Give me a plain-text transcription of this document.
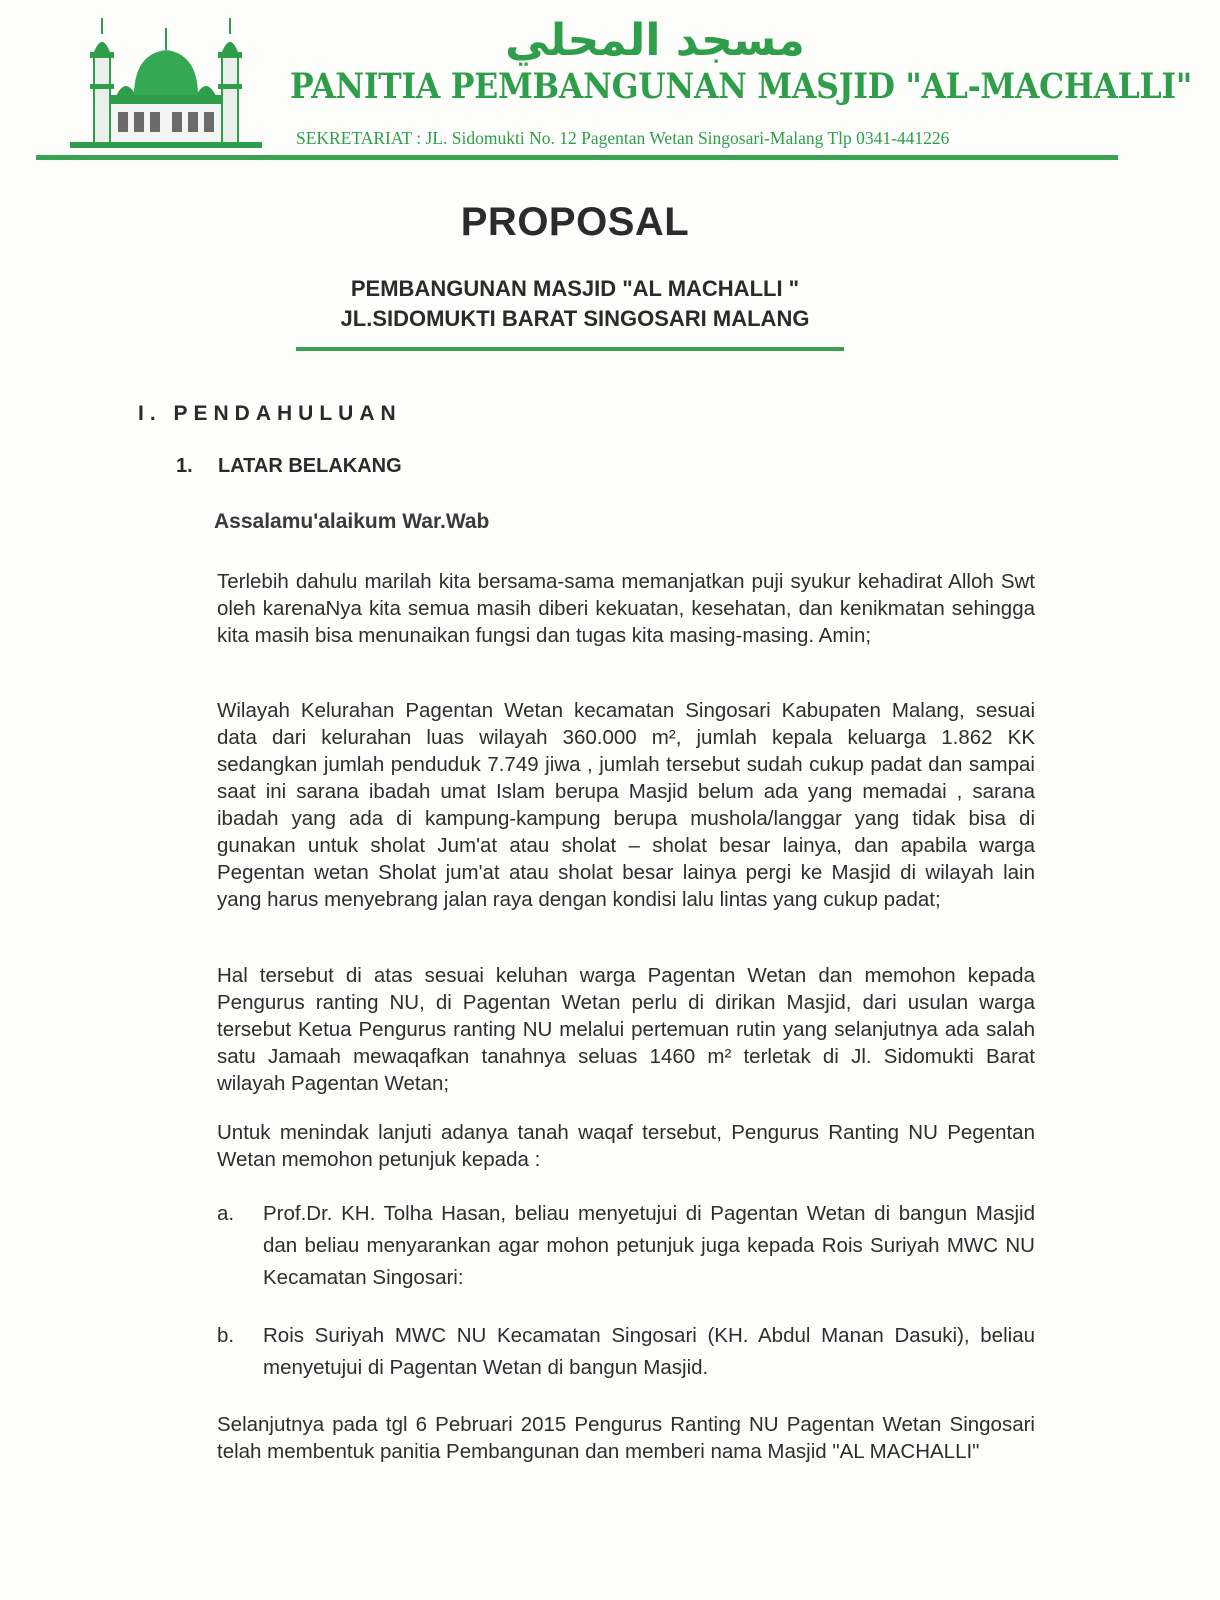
مسجد المحلي
PANITIA PEMBANGUNAN MASJID "AL-MACHALLI"
SEKRETARIAT : JL. Sidomukti No. 12 Pagentan Wetan Singosari-Malang Tlp 0341-441226
PROPOSAL
PEMBANGUNAN MASJID "AL MACHALLI "
JL.SIDOMUKTI BARAT SINGOSARI MALANG
I. PENDAHULUAN
1. LATAR BELAKANG
Assalamu'alaikum War.Wab
Terlebih dahulu marilah kita bersama-sama memanjatkan puji syukur kehadirat Alloh Swt oleh karenaNya kita semua masih diberi kekuatan, kesehatan, dan kenikmatan sehingga kita masih bisa menunaikan fungsi dan tugas kita masing-masing. Amin;
Wilayah Kelurahan Pagentan Wetan kecamatan Singosari Kabupaten Malang, sesuai data dari kelurahan luas wilayah 360.000 m², jumlah kepala keluarga 1.862 KK sedangkan jumlah penduduk 7.749 jiwa , jumlah tersebut sudah cukup padat dan sampai saat ini sarana ibadah umat Islam berupa Masjid belum ada yang memadai , sarana ibadah yang ada di kampung-kampung berupa mushola/langgar yang tidak bisa di gunakan untuk sholat Jum'at atau sholat – sholat besar lainya, dan apabila warga Pegentan wetan Sholat jum'at atau sholat besar lainya pergi ke Masjid di wilayah lain yang harus menyebrang jalan raya dengan kondisi lalu lintas yang cukup padat;
Hal tersebut di atas sesuai keluhan warga Pagentan Wetan dan memohon kepada Pengurus ranting NU, di Pagentan Wetan perlu di dirikan Masjid, dari usulan warga tersebut Ketua Pengurus ranting NU melalui pertemuan rutin yang selanjutnya ada salah satu Jamaah mewaqafkan tanahnya seluas 1460 m² terletak di Jl. Sidomukti Barat wilayah Pagentan Wetan;
Untuk menindak lanjuti adanya tanah waqaf tersebut, Pengurus Ranting NU Pegentan Wetan memohon petunjuk kepada :
a.	Prof.Dr. KH. Tolha Hasan, beliau menyetujui di Pagentan Wetan di bangun Masjid dan beliau menyarankan agar mohon petunjuk juga kepada Rois Suriyah MWC NU Kecamatan Singosari:
b.	Rois Suriyah MWC NU Kecamatan Singosari (KH. Abdul Manan Dasuki), beliau menyetujui di Pagentan Wetan di bangun Masjid.
Selanjutnya pada tgl 6 Pebruari 2015 Pengurus Ranting NU Pagentan Wetan Singosari telah membentuk panitia Pembangunan dan memberi nama Masjid "AL MACHALLI"
